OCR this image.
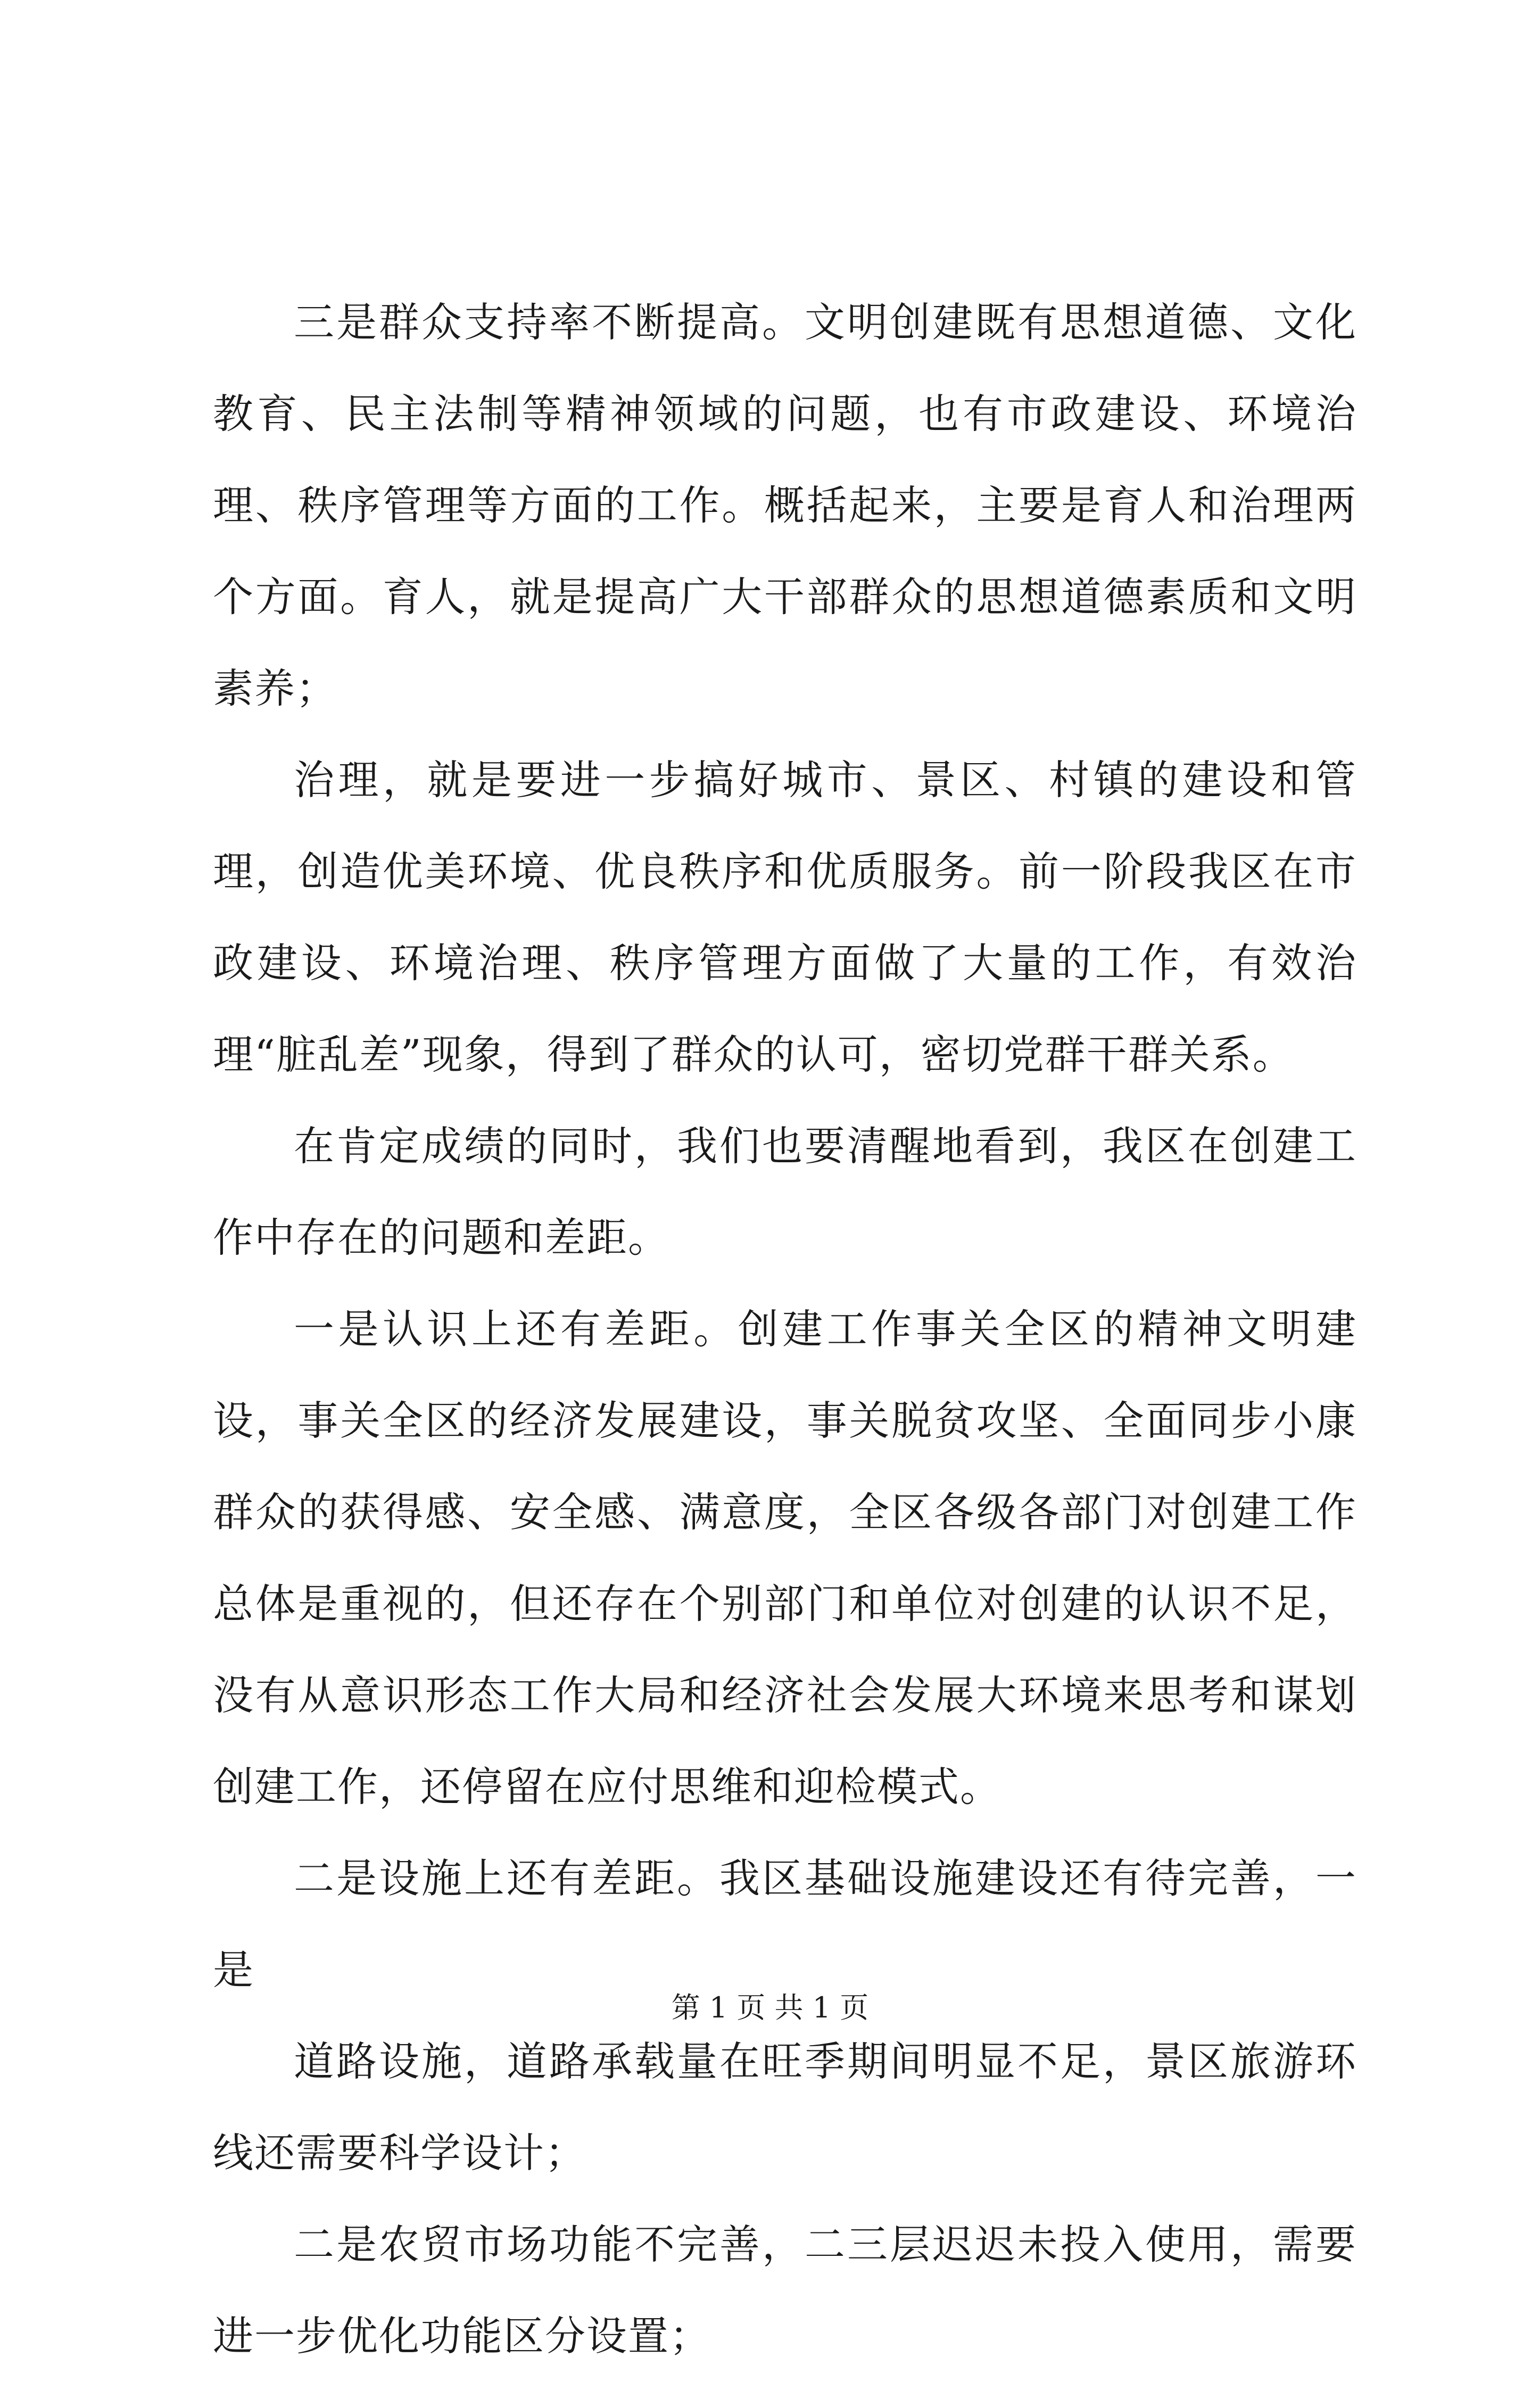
三是群众支持率不断提高。文明创建既有思想道德、文化教育、民主法制等精神领域的问题，也有市政建设、环境治理、秩序管理等方面的工作。概括起来，主要是育人和治理两个方面。育人，就是提高广大干部群众的思想道德素质和文明素养；

治理，就是要进一步搞好城市、景区、村镇的建设和管理，创造优美环境、优良秩序和优质服务。前一阶段我区在市政建设、环境治理、秩序管理方面做了大量的工作，有效治理“脏乱差”现象，得到了群众的认可，密切党群干群关系。

在肯定成绩的同时，我们也要清醒地看到，我区在创建工作中存在的问题和差距。

一是认识上还有差距。创建工作事关全区的精神文明建设，事关全区的经济发展建设，事关脱贫攻坚、全面同步小康群众的获得感、安全感、满意度，全区各级各部门对创建工作总体是重视的，但还存在个别部门和单位对创建的认识不足，没有从意识形态工作大局和经济社会发展大环境来思考和谋划创建工作，还停留在应付思维和迎检模式。

二是设施上还有差距。我区基础设施建设还有待完善，一是

道路设施，道路承载量在旺季期间明显不足，景区旅游环线还需要科学设计；

二是农贸市场功能不完善，二三层迟迟未投入使用，需要进一步优化功能区分设置；

第 1 页 共 1 页
